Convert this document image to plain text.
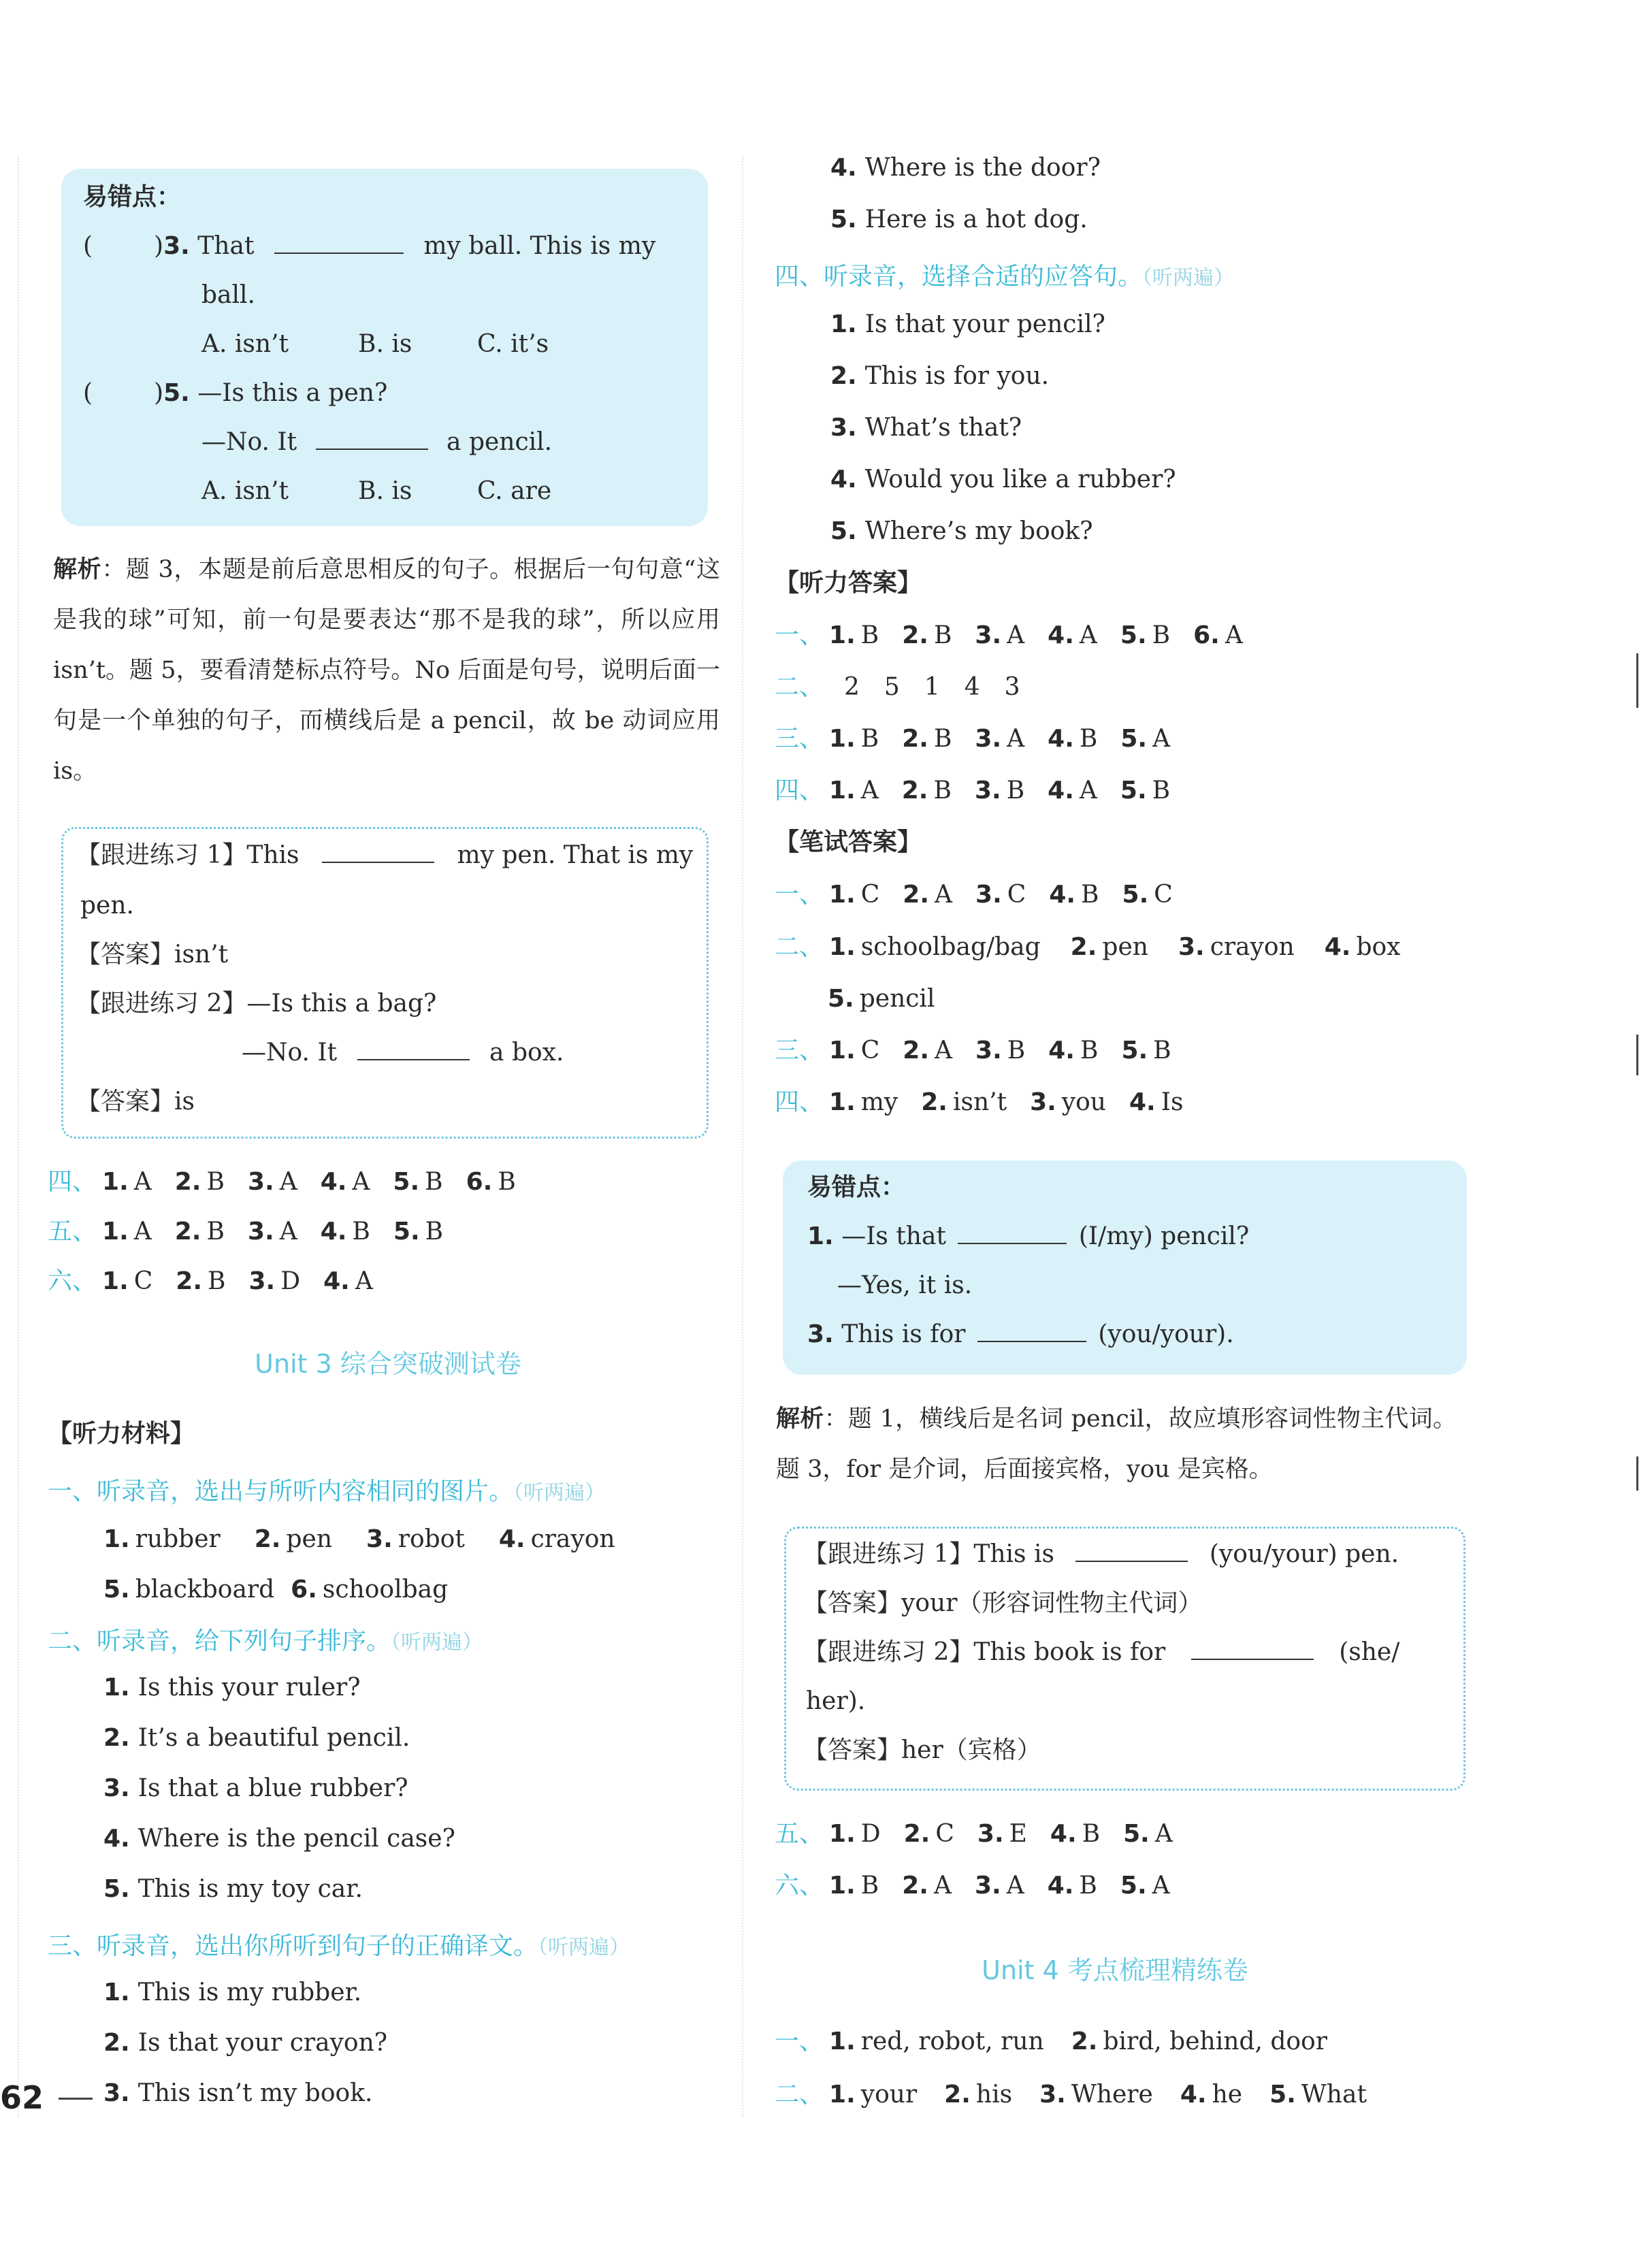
易错点：
(	)3. That	my ball. This is my
ball.
A. isn’t	B. is	C. it’s
(	)5. —Is this a pen?
—No. It	a pencil.
A. isn’t	B. is	C. are
解析：题 3，本题是前后意思相反的句子。根据后一句句意“这是我的球”可知，前一句是要表达“那不是我的球”，所以应用 isn’t。题 5，要看清楚标点符号。No 后面是句号，说明后面一句是一个单独的句子，而横线后是 a pencil，故 be 动词应用 is。
【跟进练习 1】This	my pen. That is my
pen.
【答案】isn’t
【跟进练习 2】—Is this a bag?
—No. It	a box.
【答案】is
四、 1. A 2. B 3. A 4. A 5. B 6. B
五、 1. A 2. B 3. A 4. B 5. B
六、 1. C 2. B 3. D 4. A
Unit 3 综合突破测试卷
【听力材料】
一、听录音，选出与所听内容相同的图片。（听两遍）
1. rubber 2. pen 3. robot 4. crayon
5. blackboard 6. schoolbag
二、听录音，给下列句子排序。（听两遍）
1. Is this your ruler?
2. It’s a beautiful pencil.
3. Is that a blue rubber?
4. Where is the pencil case?
5. This is my toy car.
三、听录音，选出你所听到句子的正确译文。（听两遍）
1. This is my rubber.
2. Is that your crayon?
3. This isn’t my book.
62
4. Where is the door?
5. Here is a hot dog.
四、听录音，选择合适的应答句。（听两遍）
1. Is that your pencil?
2. This is for you.
3. What’s that?
4. Would you like a rubber?
5. Where’s my book?
【听力答案】
一、 1. B 2. B 3. A 4. A 5. B 6. A
二、 2　5　1　4　3
三、 1. B 2. B 3. A 4. B 5. A
四、 1. A 2. B 3. B 4. A 5. B
【笔试答案】
一、 1. C 2. A 3. C 4. B 5. C
二、 1. schoolbag/bag 2. pen 3. crayon 4. box
5. pencil
三、 1. C 2. A 3. B 4. B 5. B
四、 1. my 2. isn’t 3. you 4. Is
易错点：
1. —Is that	(I/my) pencil?
—Yes, it is.
3. This is for	(you/your).
解析：题 1，横线后是名词 pencil，故应填形容词性物主代词。题 3，for 是介词，后面接宾格，you 是宾格。
【跟进练习 1】This is	(you/your) pen.
【答案】your（形容词性物主代词）
【跟进练习 2】This book is for	(she/
her).
【答案】her（宾格）
五、 1. D 2. C 3. E 4. B 5. A
六、 1. B 2. A 3. A 4. B 5. A
Unit 4 考点梳理精练卷
一、 1. red, robot, run 2. bird, behind, door
二、 1. your 2. his 3. Where 4. he 5. What
